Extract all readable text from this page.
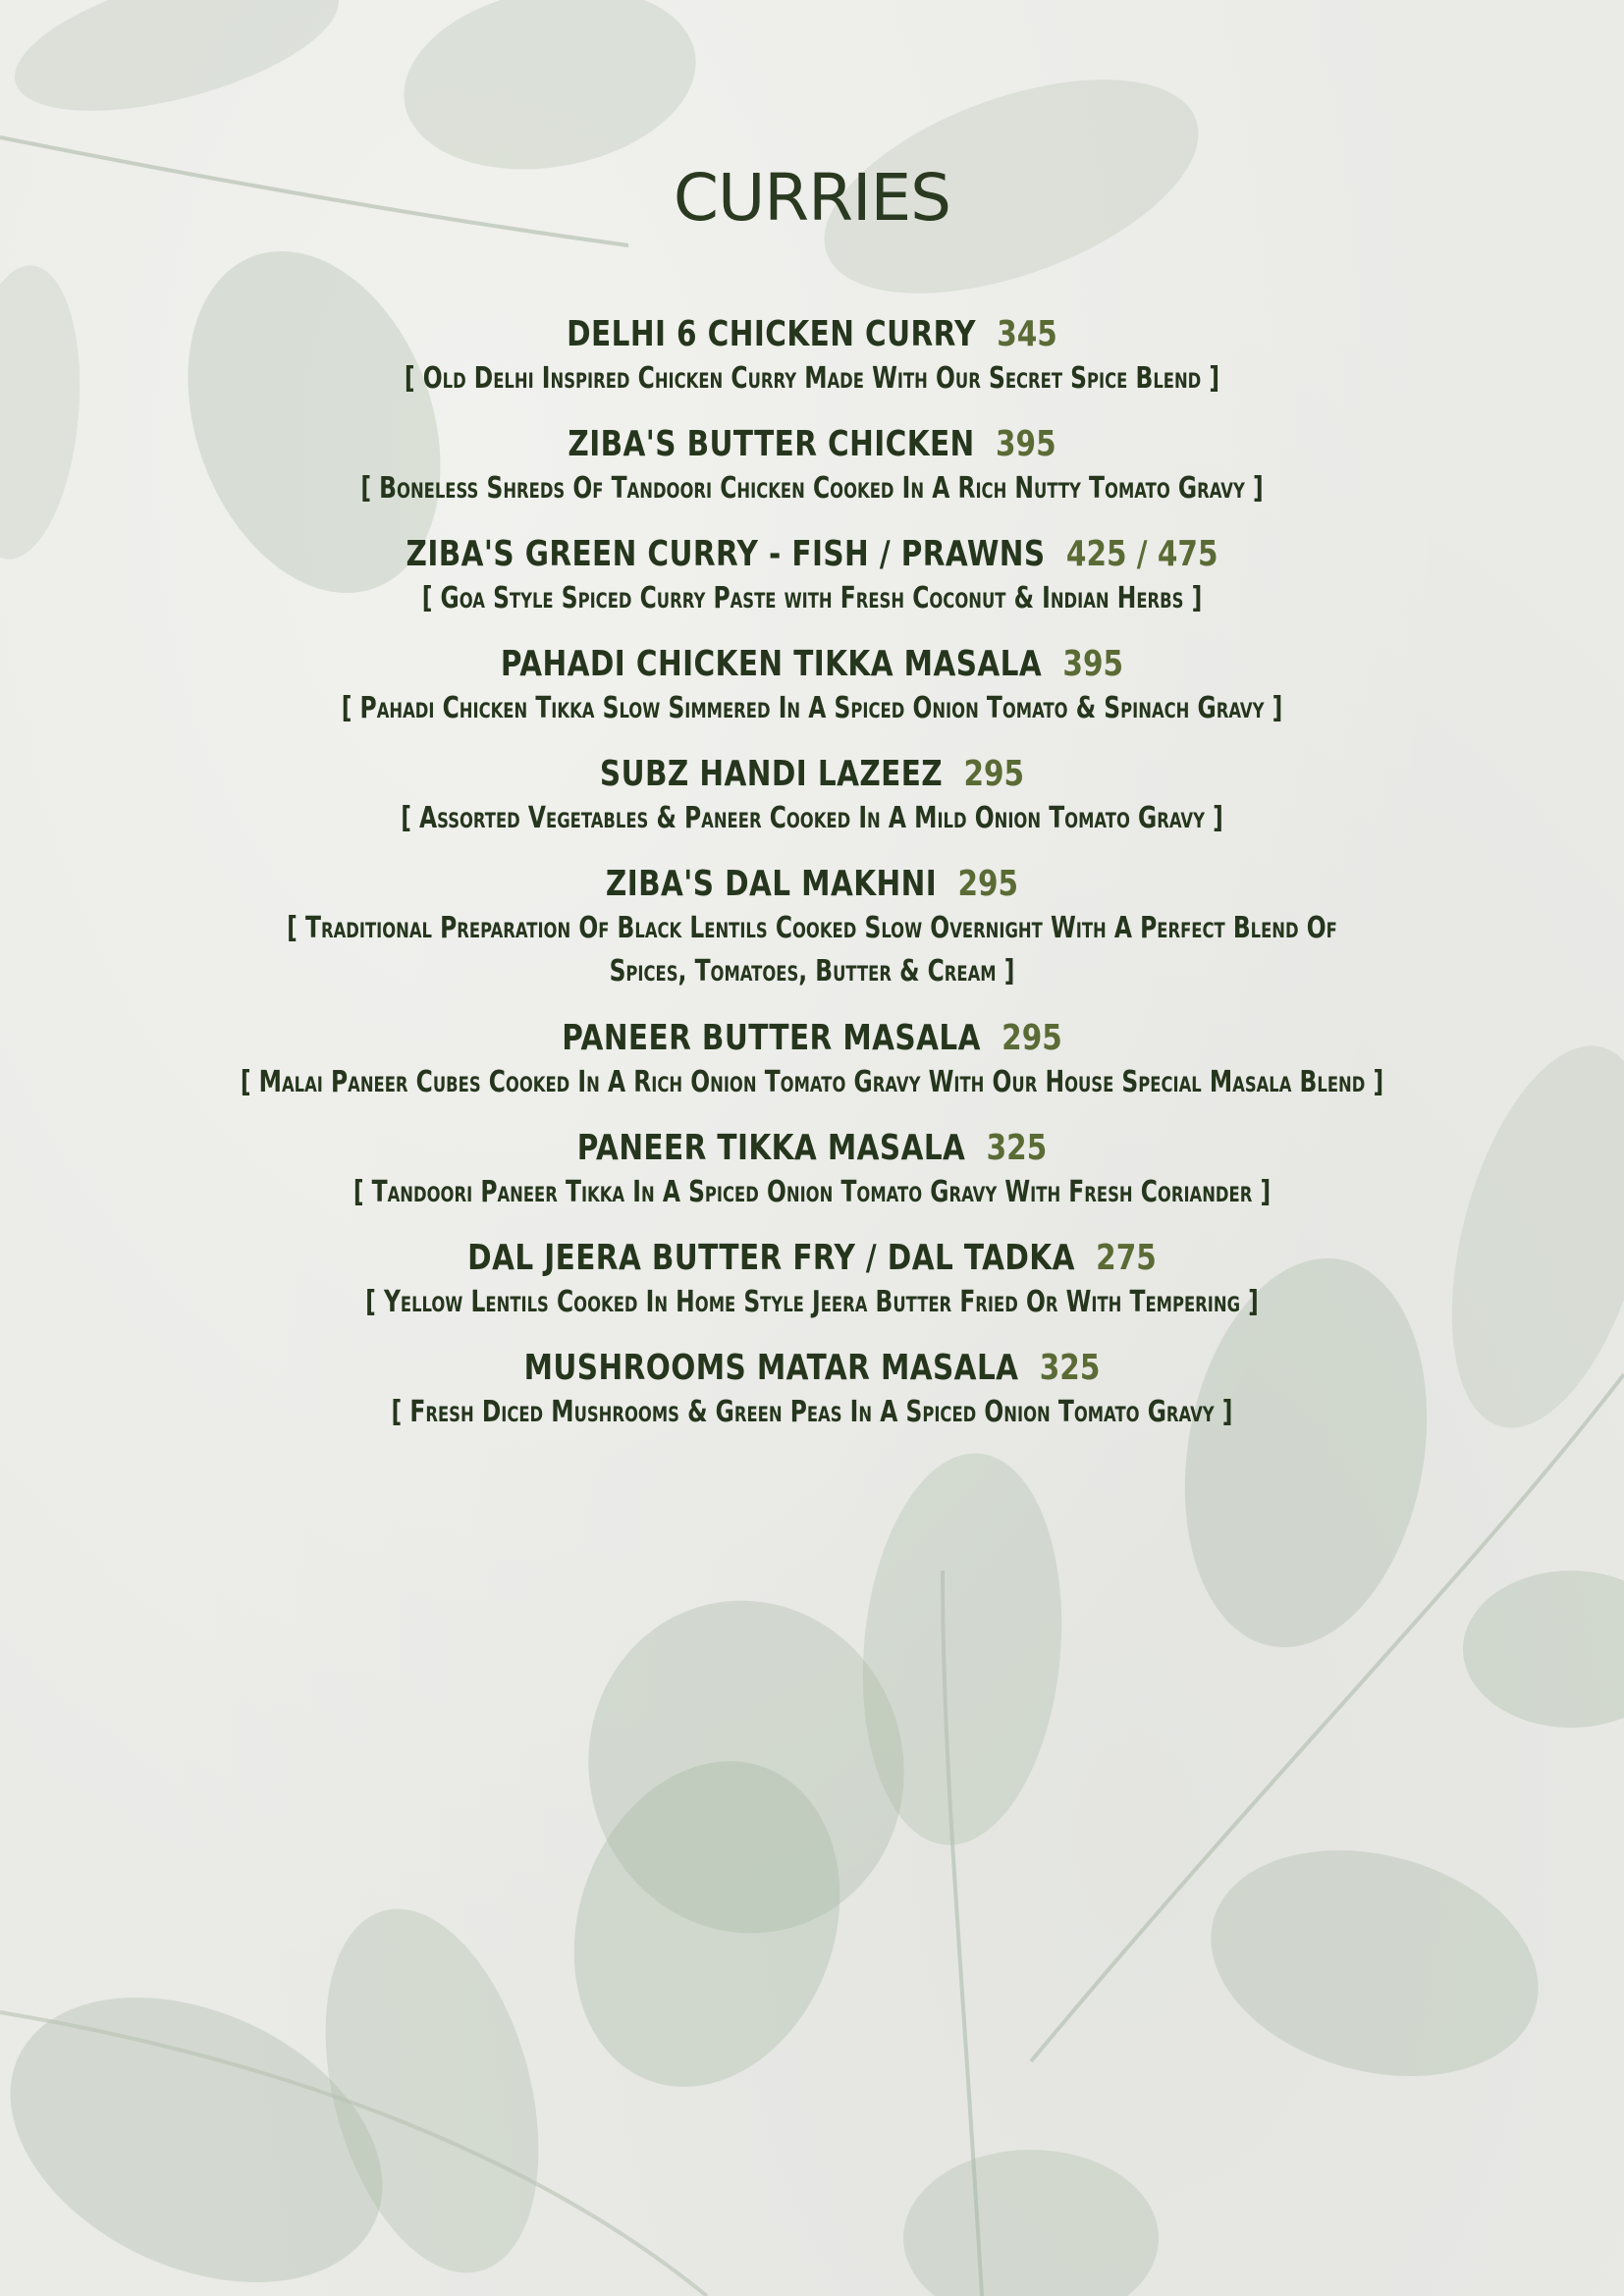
CURRIES
DELHI 6 CHICKEN CURRY 345
[ Old Delhi Inspired Chicken Curry Made With Our Secret Spice Blend ]
ZIBA'S BUTTER CHICKEN 395
[ Boneless Shreds Of Tandoori Chicken Cooked In A Rich Nutty Tomato Gravy ]
ZIBA'S GREEN CURRY - FISH / PRAWNS 425 / 475
[ Goa Style Spiced Curry Paste with Fresh Coconut & Indian Herbs ]
PAHADI CHICKEN TIKKA MASALA 395
[ Pahadi Chicken Tikka Slow Simmered In A Spiced Onion Tomato & Spinach Gravy ]
SUBZ HANDI LAZEEZ 295
[ Assorted Vegetables & Paneer Cooked In A Mild Onion Tomato Gravy ]
ZIBA'S DAL MAKHNI 295
[ Traditional Preparation Of Black Lentils Cooked Slow Overnight With A Perfect Blend Of
Spices, Tomatoes, Butter & Cream ]
PANEER BUTTER MASALA 295
[ Malai Paneer Cubes Cooked In A Rich Onion Tomato Gravy With Our House Special Masala Blend ]
PANEER TIKKA MASALA 325
[ Tandoori Paneer Tikka In A Spiced Onion Tomato Gravy With Fresh Coriander ]
DAL JEERA BUTTER FRY / DAL TADKA 275
[ Yellow Lentils Cooked In Home Style Jeera Butter Fried Or With Tempering ]
MUSHROOMS MATAR MASALA 325
[ Fresh Diced Mushrooms & Green Peas In A Spiced Onion Tomato Gravy ]
